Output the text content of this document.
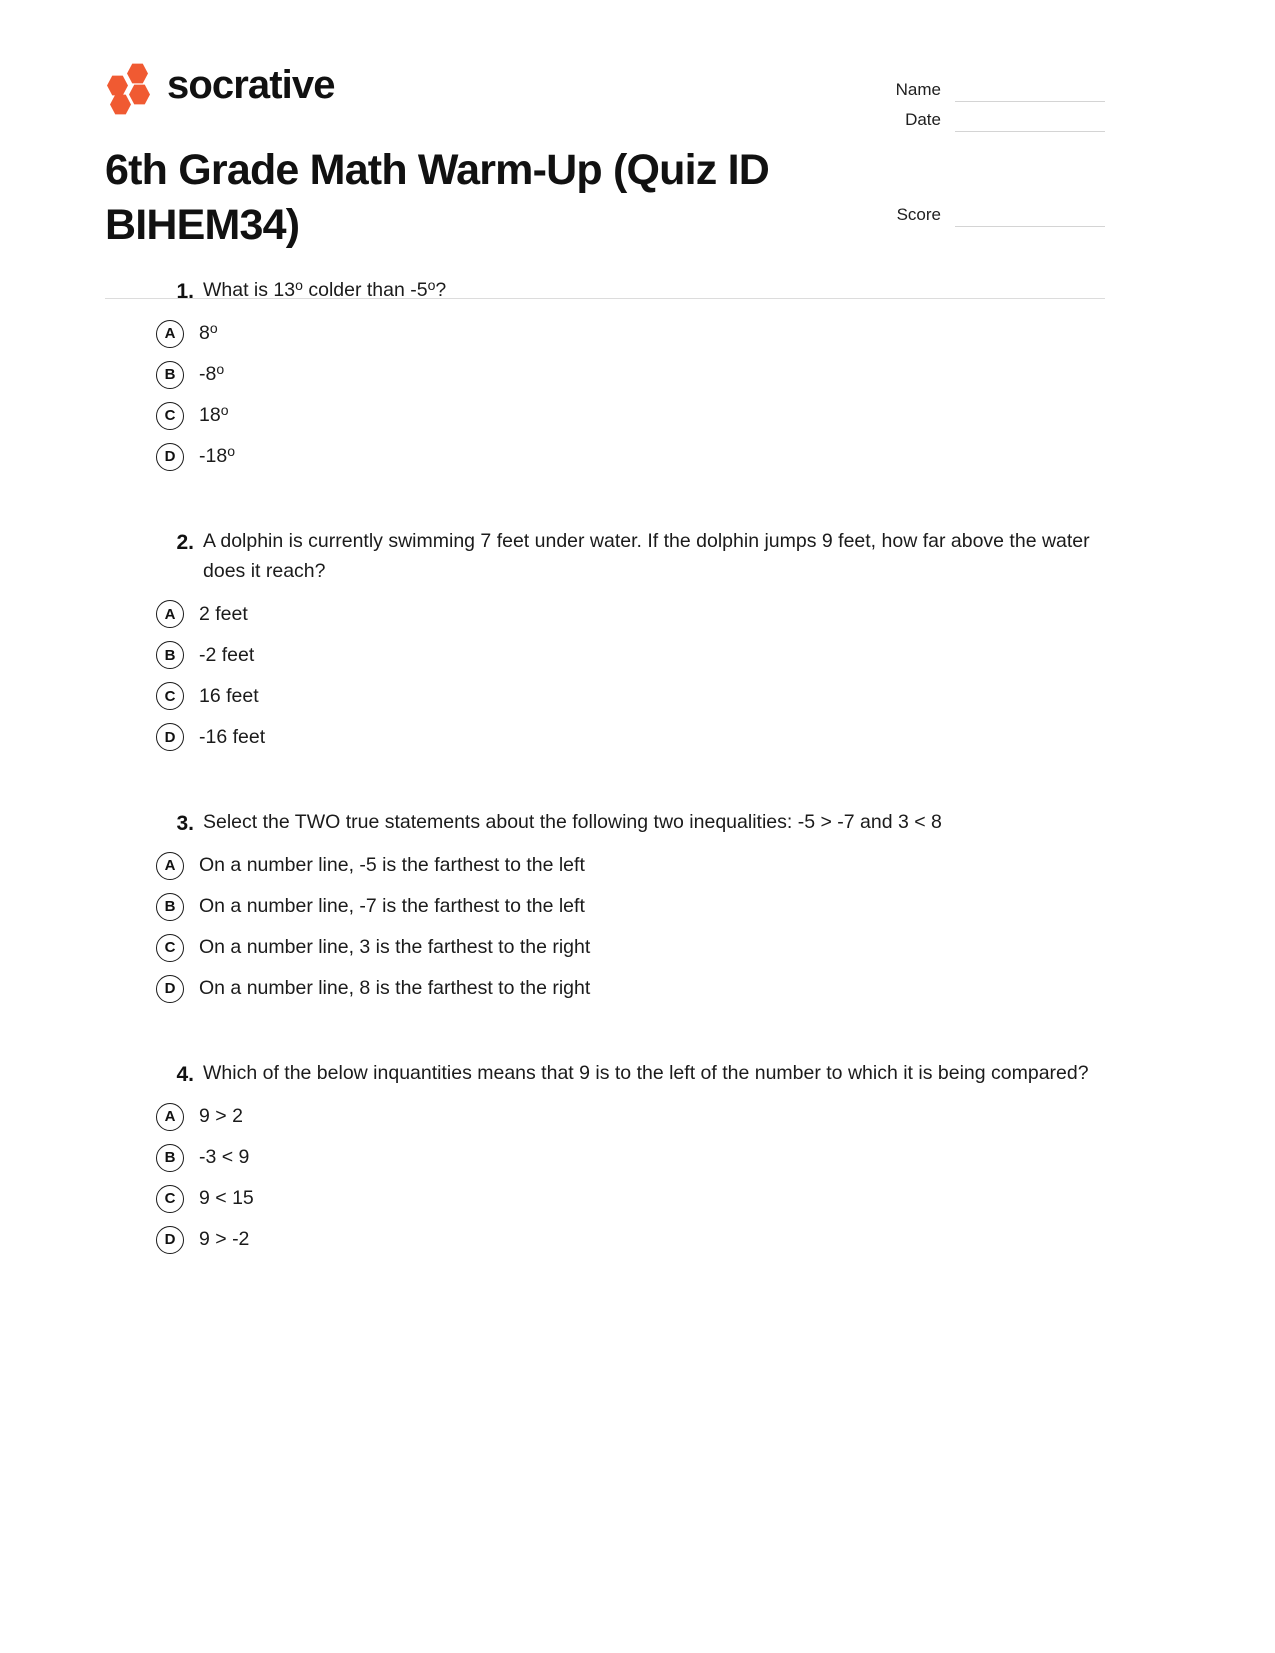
socrative	Name
Date
Score
6th Grade Math Warm-Up (Quiz ID BIHEM34)
1. What is 13$^o$ colder than -5$^o$?
A	8$^o$
B	-8$^o$
C	18$^o$
D	-18$^o$
2. A dolphin is currently swimming 7 feet under water. If the dolphin jumps 9 feet, how far above the water does it reach?
A	2 feet
B	-2 feet
C	16 feet
D	-16 feet
3. Select the TWO true statements about the following two inequalities: -5 > -7 and 3 < 8
A	On a number line, -5 is the farthest to the left
B	On a number line, -7 is the farthest to the left
C	On a number line, 3 is the farthest to the right
D	On a number line, 8 is the farthest to the right
4. Which of the below inquantities means that 9 is to the left of the number to which it is being compared?
A	9 > 2
B	-3 < 9
C	9 < 15
D	9 > -2
